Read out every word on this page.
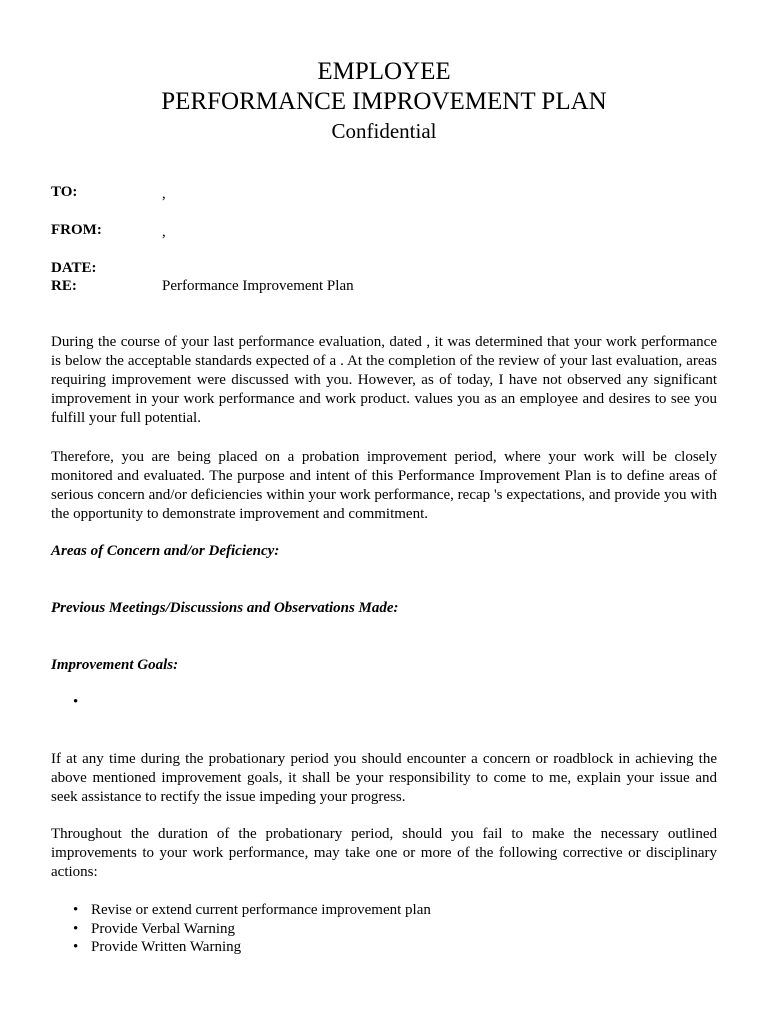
EMPLOYEE
PERFORMANCE IMPROVEMENT PLAN
Confidential
TO:	,
FROM:	,
DATE:
RE:	Performance Improvement Plan

During the course of your last performance evaluation, dated , it was determined that your work performance is below the acceptable standards expected of a . At the completion of the review of your last evaluation, areas requiring improvement were discussed with you. However, as of today, I have not observed any significant improvement in your work performance and work product. values you as an employee and desires to see you fulfill your full potential.

Therefore, you are being placed on a probation improvement period, where your work will be closely monitored and evaluated. The purpose and intent of this Performance Improvement Plan is to define areas of serious concern and/or deficiencies within your work performance, recap 's expectations, and provide you with the opportunity to demonstrate improvement and commitment.

Areas of Concern and/or Deficiency:
Previous Meetings/Discussions and Observations Made:
Improvement Goals:
•

If at any time during the probationary period you should encounter a concern or roadblock in achieving the above mentioned improvement goals, it shall be your responsibility to come to me, explain your issue and seek assistance to rectify the issue impeding your progress.

Throughout the duration of the probationary period, should you fail to make the necessary outlined improvements to your work performance, may take one or more of the following corrective or disciplinary actions:

• Revise or extend current performance improvement plan
• Provide Verbal Warning
• Provide Written Warning
